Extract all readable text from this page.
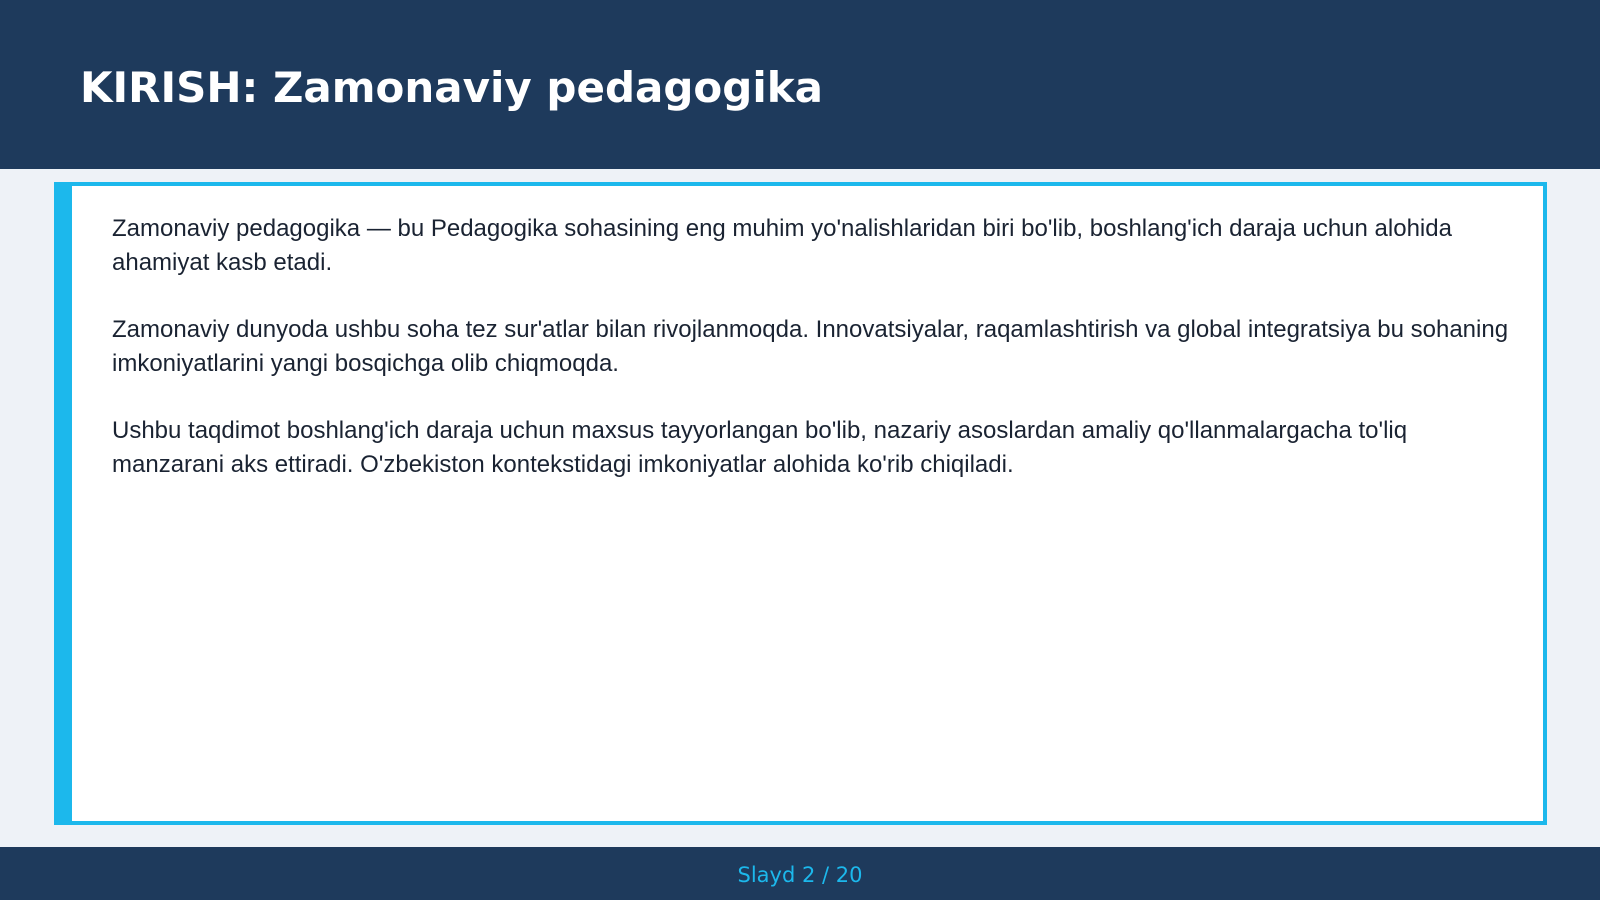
KIRISH: Zamonaviy pedagogika

Zamonaviy pedagogika — bu Pedagogika sohasining eng muhim yo'nalishlaridan biri bo'lib, boshlang'ich daraja uchun alohida ahamiyat kasb etadi.

Zamonaviy dunyoda ushbu soha tez sur'atlar bilan rivojlanmoqda. Innovatsiyalar, raqamlashtirish va global integratsiya bu sohaning imkoniyatlarini yangi bosqichga olib chiqmoqda.

Ushbu taqdimot boshlang'ich daraja uchun maxsus tayyorlangan bo'lib, nazariy asoslardan amaliy qo'llanmalargacha to'liq manzarani aks ettiradi. O'zbekiston kontekstidagi imkoniyatlar alohida ko'rib chiqiladi.

Slayd 2 / 20
